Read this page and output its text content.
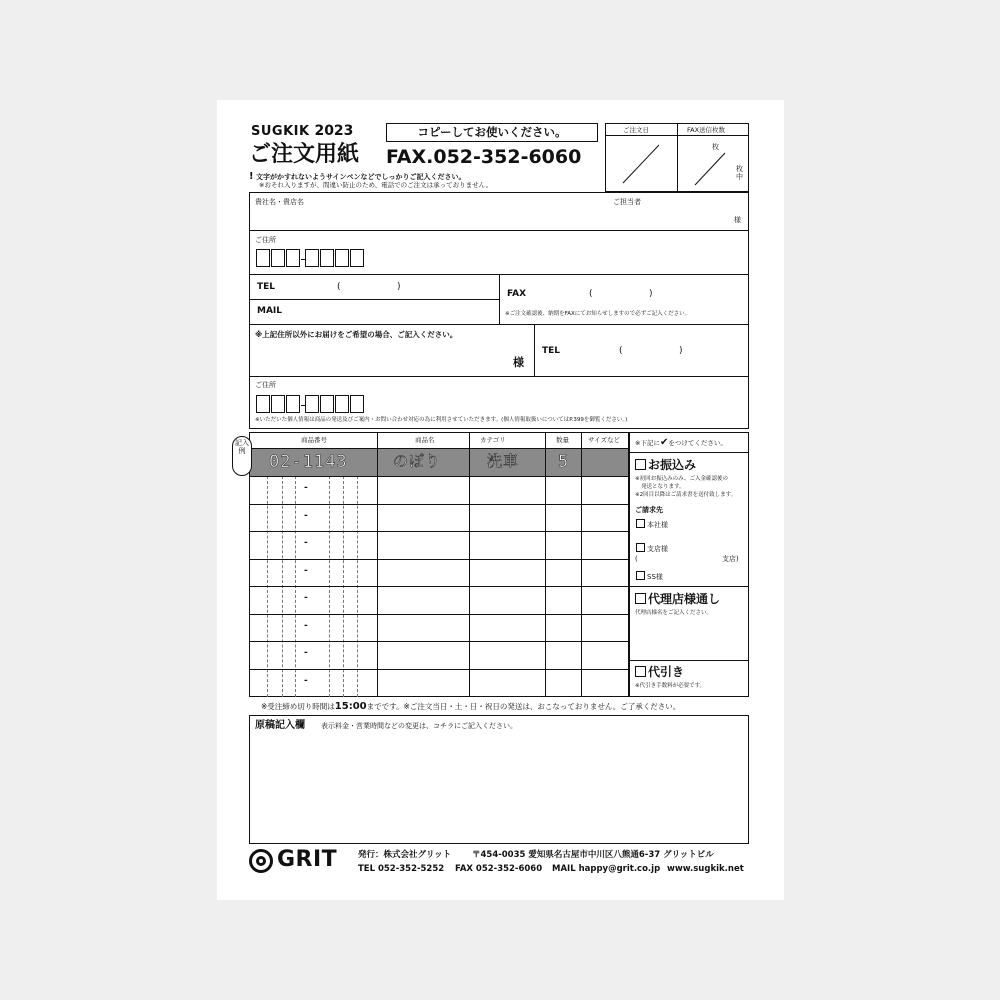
SUGKIK 2023
ご注文用紙
コピーしてお使いください。
FAX.052-352-6060
! 文字がかすれないようサインペンなどでしっかりご記入ください。
※おそれ入りますが、間違い防止のため、電話でのご注文は承っておりません。
ご注文日	FAX送信枚数
枚
枚中
貴社名・貴店名	ご担当者
様
ご住所
TEL	(	)
MAIL
FAX	(	)
※ご注文確認後、納期をFAXにてお知らせしますので必ずご記入ください。
※上記住所以外にお届けをご希望の場合、ご記入ください。
様
TEL	(	)
ご住所
※いただいた個人情報は商品の発送及びご案内・お問い合わせ対応の為に利用させていただきます。(個人情報取扱いについてはP.399を御覧ください。)
商品番号	商品名	カテゴリ	数量	サイズなど
02-1143	のぼり	洗車 5
記入例
-
-
-
-
-
-
-
-
※下記に✔をつけてください。
お振込み
※初回お振込みのみ、ご入金確認後の
発送となります。
※2回目以降はご請求書を送付致します。
ご請求先
本社様
支店様
(	支店)
SS様
代理店様通し
代理店様名をご記入ください。
代引き
※代引き手数料が必要です。
※受注締め切り時間は15:00までです。※ご注文当日・土・日・祝日の発送は、おこなっておりません。ご了承ください。
原稿記入欄 表示料金・営業時間などの変更は、コチラにご記入ください。
GRIT 発行：株式会社グリット 〒454-0035 愛知県名古屋市中川区八熊通6-37 グリットビル
TEL 052-352-5252 FAX 052-352-6060 MAIL happy@grit.co.jp www.sugkik.net
